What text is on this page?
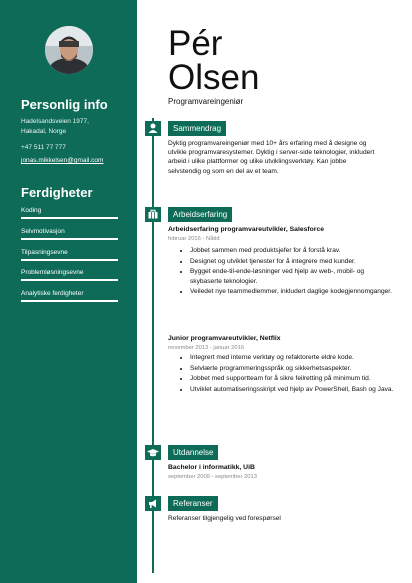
Personlig info
Hadelsandsveien 1977,
Hakadal, Norge
+47 511 77 777
jonas.mikkelsen@gmail.com
Ferdigheter
Koding
Selvmotivasjon
Tilpasningsevne
Problemløsningsevne
Analytiske ferdigheter
Pér
Olsen
Programvareingeniør
Sammendrag
Dyktig programvareingeniør med 10+ års erfaring med å designe og utvikle programvaresystemer. Dyktig i server-side teknologier, inkludert arbeid i ulike plattformer og ulike utviklingsverktøy. Kan jobbe selvstendig og som en del av et team.
Arbeidserfaring
Arbeidserfaring programvareutvikler, Salesforce
februar 2016 - Nåtid
• Jobbet sammen med produktsjefer for å forstå krav.
• Designet og utviklet tjenester for å integrere med kunder.
• Bygget ende-til-ende-løsninger ved hjelp av web-, mobil- og skybaserte teknologier.
• Veiledet nye teammedlemmer, inkludert daglige kodegjennomganger.
Junior programvareutvikler, Netflix
november 2013 - januar 2016
• Integrert med interne verktøy og refaktorerte eldre kode.
• Selvlærte programmeringsspråk og sikkerhetsaspekter.
• Jobbet med supportteam for å sikre feilretting på minimum tid.
• Utviklet automatiseringsskript ved hjelp av PowerShell, Bash og Java.
Utdannelse
Bachelor i informatikk, UiB
september 2009 - september 2013
Referanser
Referanser tilgjengelig ved forespørsel
